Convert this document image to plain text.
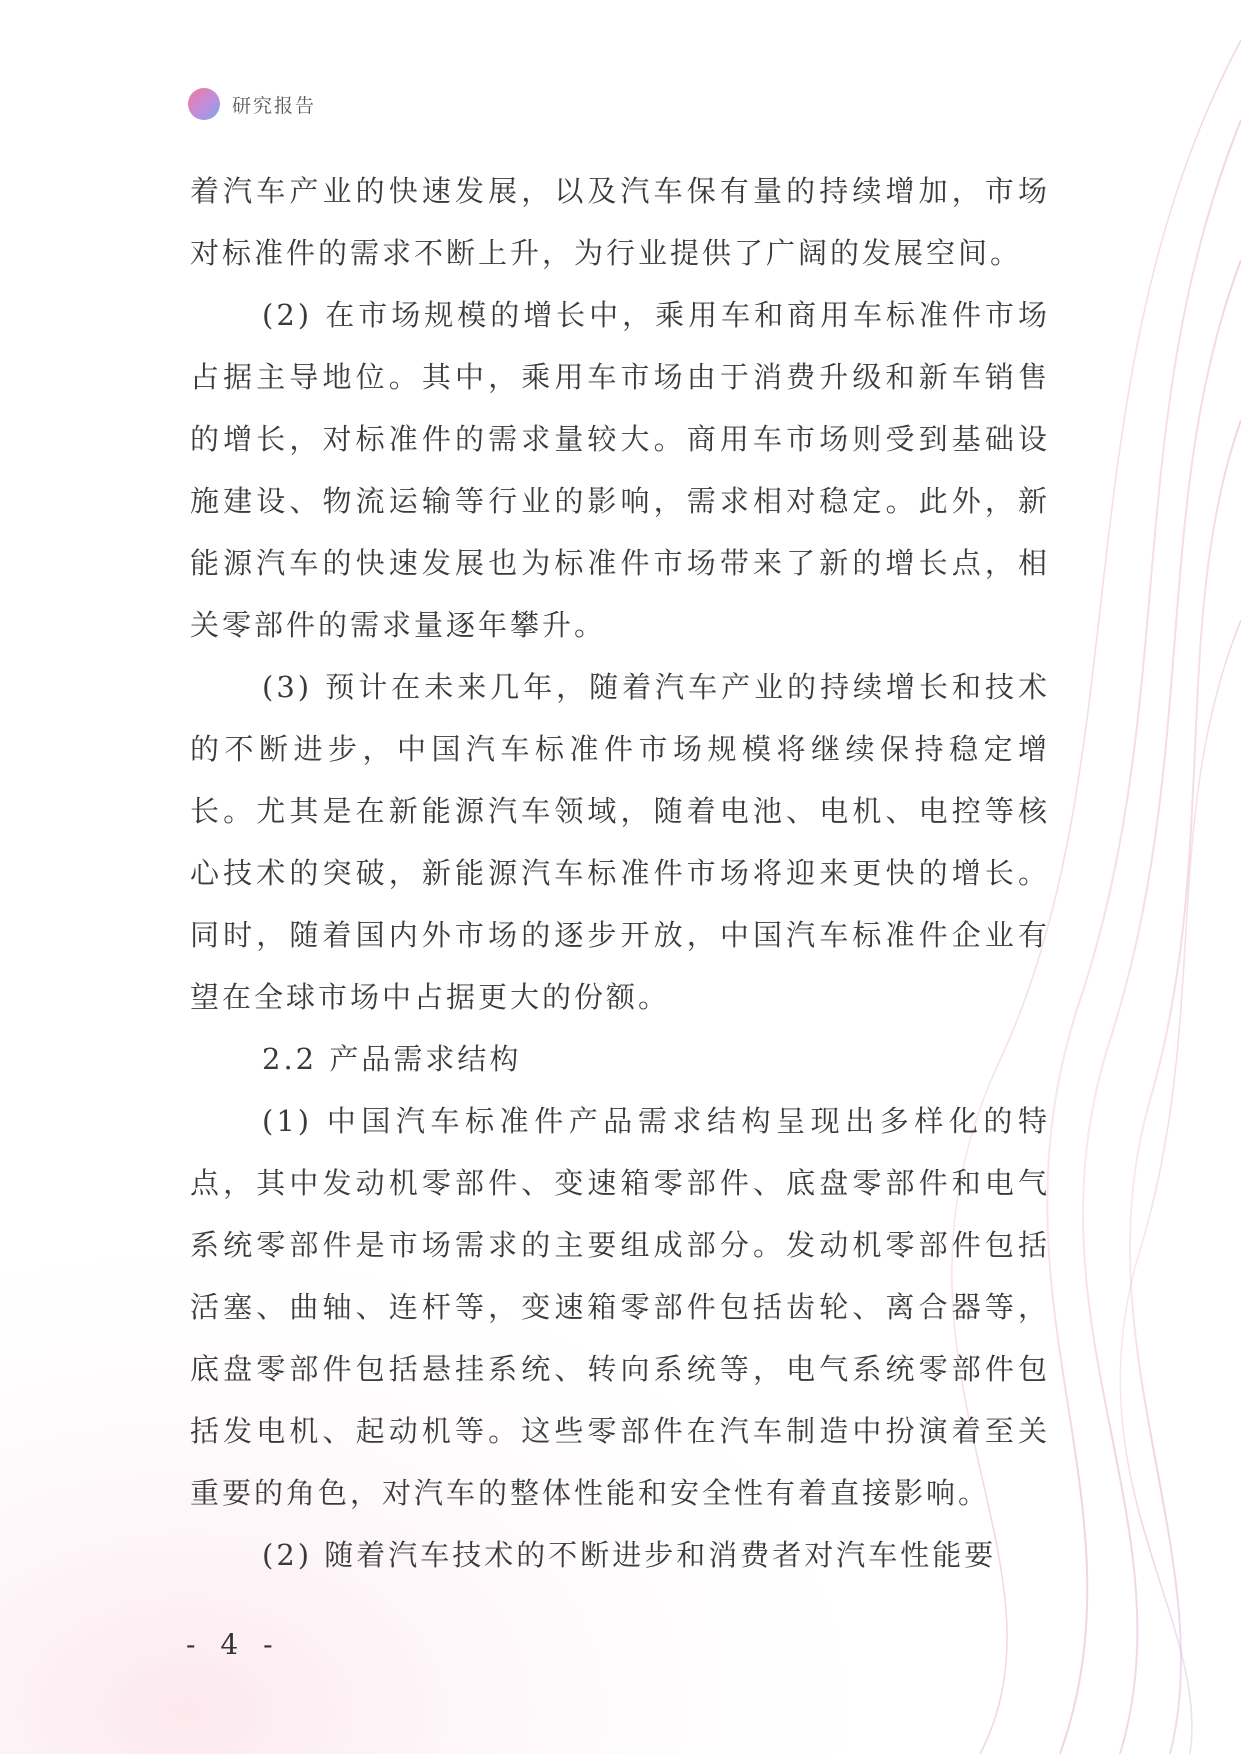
研究报告

着汽车产业的快速发展，以及汽车保有量的持续增加，市场对标准件的需求不断上升，为行业提供了广阔的发展空间。

(2) 在市场规模的增长中，乘用车和商用车标准件市场占据主导地位。其中，乘用车市场由于消费升级和新车销售的增长，对标准件的需求量较大。商用车市场则受到基础设施建设、物流运输等行业的影响，需求相对稳定。此外，新能源汽车的快速发展也为标准件市场带来了新的增长点，相关零部件的需求量逐年攀升。

(3) 预计在未来几年，随着汽车产业的持续增长和技术的不断进步，中国汽车标准件市场规模将继续保持稳定增长。尤其是在新能源汽车领域，随着电池、电机、电控等核心技术的突破，新能源汽车标准件市场将迎来更快的增长。同时，随着国内外市场的逐步开放，中国汽车标准件企业有望在全球市场中占据更大的份额。

2.2 产品需求结构

(1) 中国汽车标准件产品需求结构呈现出多样化的特点，其中发动机零部件、变速箱零部件、底盘零部件和电气系统零部件是市场需求的主要组成部分。发动机零部件包括活塞、曲轴、连杆等，变速箱零部件包括齿轮、离合器等，底盘零部件包括悬挂系统、转向系统等，电气系统零部件包括发电机、起动机等。这些零部件在汽车制造中扮演着至关重要的角色，对汽车的整体性能和安全性有着直接影响。

(2) 随着汽车技术的不断进步和消费者对汽车性能要

- 4 -
